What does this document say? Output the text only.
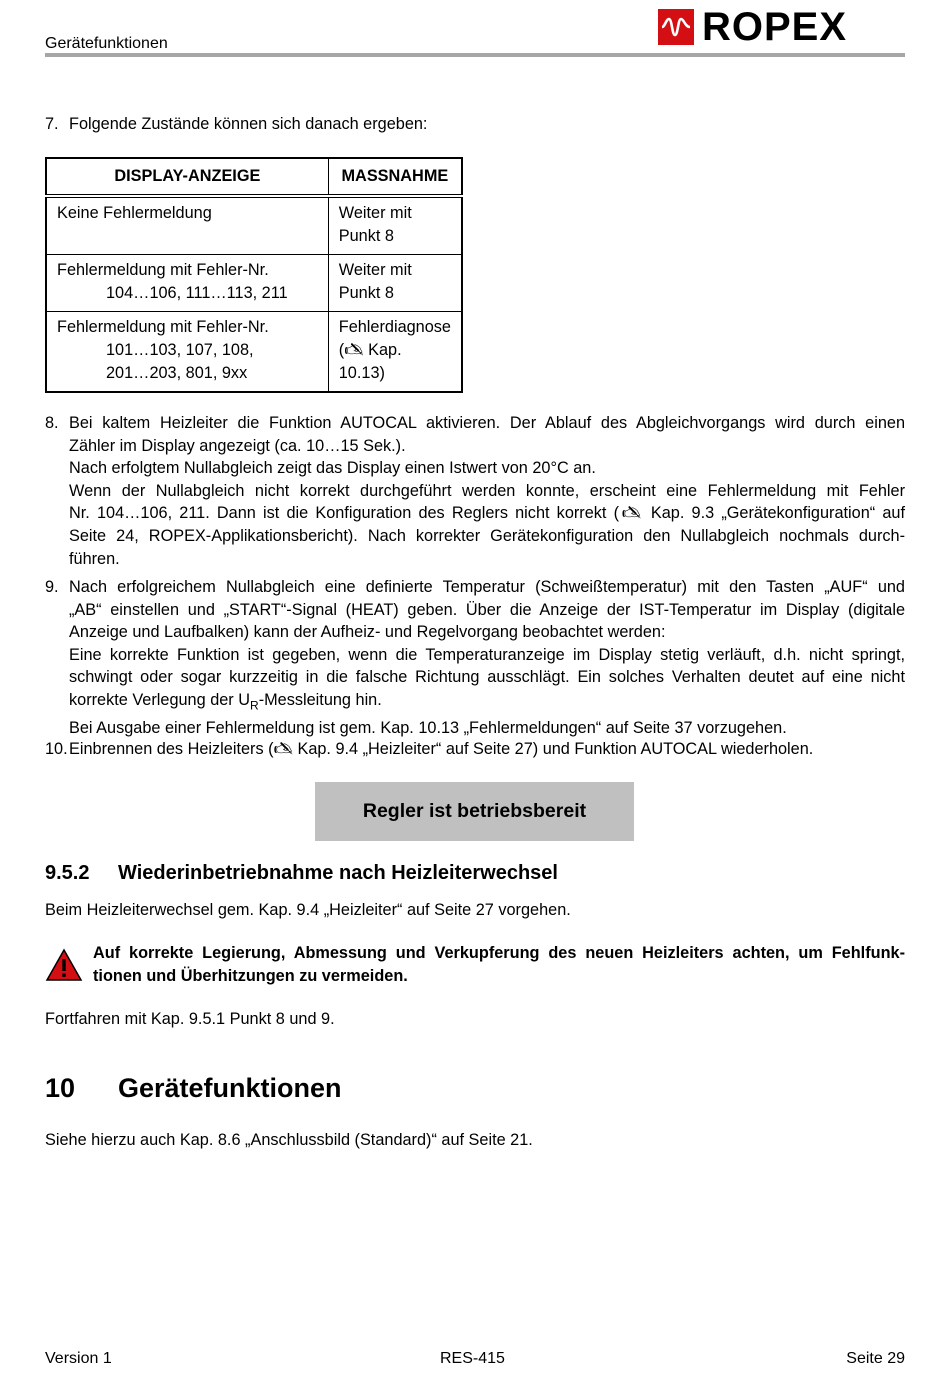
Gerätefunktionen	ROPEX
7. Folgende Zustände können sich danach ergeben:
DISPLAY-ANZEIGE	MASSNAHME
Keine Fehlermeldung	Weiter mit
Punkt 8

Fehlermeldung mit Fehler-Nr.
104…106, 111…113, 211	Weiter mit
Punkt 8

Fehlermeldung mit Fehler-Nr.
101…103, 107, 108,
201…203, 801, 9xx	Fehlerdiagnose
(🖎 Kap. 10.13)
8. Bei kaltem Heizleiter die Funktion AUTOCAL aktivieren. Der Ablauf des Abgleichvorgangs wird durch einen
Zähler im Display angezeigt (ca. 10…15 Sek.).
Nach erfolgtem Nullabgleich zeigt das Display einen Istwert von 20°C an.
Wenn der Nullabgleich nicht korrekt durchgeführt werden konnte, erscheint eine Fehlermeldung mit Fehler
Nr. 104…106, 211. Dann ist die Konfiguration des Reglers nicht korrekt (🖎 Kap. 9.3 „Gerätekonfiguration“ auf
Seite 24, ROPEX-Applikationsbericht). Nach korrekter Gerätekonfiguration den Nullabgleich nochmals durch-
führen.
9. Nach erfolgreichem Nullabgleich eine definierte Temperatur (Schweißtemperatur) mit den Tasten „AUF“ und
„AB“ einstellen und „START“-Signal (HEAT) geben. Über die Anzeige der IST-Temperatur im Display (digitale
Anzeige und Laufbalken) kann der Aufheiz- und Regelvorgang beobachtet werden:
Eine korrekte Funktion ist gegeben, wenn die Temperaturanzeige im Display stetig verläuft, d.h. nicht springt,
schwingt oder sogar kurzzeitig in die falsche Richtung ausschlägt. Ein solches Verhalten deutet auf eine nicht
korrekte Verlegung der $U_R$-Messleitung hin.
Bei Ausgabe einer Fehlermeldung ist gem. Kap. 10.13 „Fehlermeldungen“ auf Seite 37 vorzugehen.
10. Einbrennen des Heizleiters (🖎 Kap. 9.4 „Heizleiter“ auf Seite 27) und Funktion AUTOCAL wiederholen.
Regler ist betriebsbereit
9.5.2 Wiederinbetriebnahme nach Heizleiterwechsel
Beim Heizleiterwechsel gem. Kap. 9.4 „Heizleiter“ auf Seite 27 vorgehen.
Auf korrekte Legierung, Abmessung und Verkupferung des neuen Heizleiters achten, um Fehlfunk-
tionen und Überhitzungen zu vermeiden.
Fortfahren mit Kap. 9.5.1 Punkt 8 und 9.
10 Gerätefunktionen
Siehe hierzu auch Kap. 8.6 „Anschlussbild (Standard)“ auf Seite 21.
Version 1	RES-415	Seite 29
